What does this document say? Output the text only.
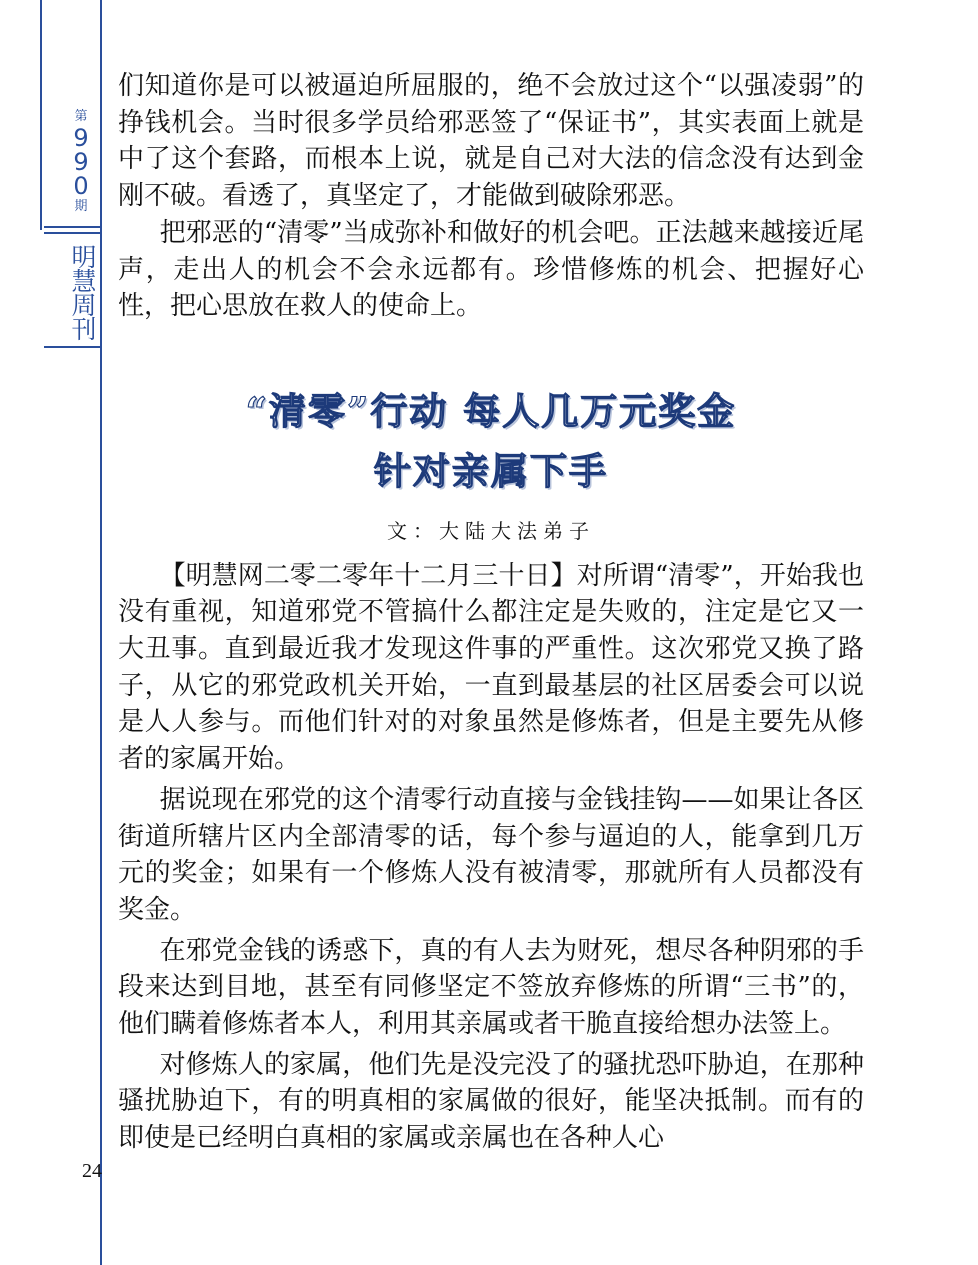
第
9
9
0
期
明慧周刊
24

们知道你是可以被逼迫所屈服的，绝不会放过这个“以强凌弱”的挣钱机会。当时很多学员给邪恶签了“保证书”，其实表面上就是中了这个套路，而根本上说，就是自己对大法的信念没有达到金刚不破。看透了，真坚定了，才能做到破除邪恶。

把邪恶的“清零”当成弥补和做好的机会吧。正法越来越接近尾声，走出人的机会不会永远都有。珍惜修炼的机会、把握好心性，把心思放在救人的使命上。

“清零”行动 每人几万元奖金
针对亲属下手
文：大陆大法弟子

【明慧网二零二零年十二月三十日】对所谓“清零”，开始我也没有重视，知道邪党不管搞什么都注定是失败的，注定是它又一大丑事。直到最近我才发现这件事的严重性。这次邪党又换了路子，从它的邪党政机关开始，一直到最基层的社区居委会可以说是人人参与。而他们针对的对象虽然是修炼者，但是主要先从修者的家属开始。

据说现在邪党的这个清零行动直接与金钱挂钩——如果让各区街道所辖片区内全部清零的话，每个参与逼迫的人，能拿到几万元的奖金；如果有一个修炼人没有被清零，那就所有人员都没有奖金。

在邪党金钱的诱惑下，真的有人去为财死，想尽各种阴邪的手段来达到目地，甚至有同修坚定不签放弃修炼的所谓“三书”的，他们瞒着修炼者本人，利用其亲属或者干脆直接给想办法签上。

对修炼人的家属，他们先是没完没了的骚扰恐吓胁迫，在那种骚扰胁迫下，有的明真相的家属做的很好，能坚决抵制。而有的即使是已经明白真相的家属或亲属也在各种人心
